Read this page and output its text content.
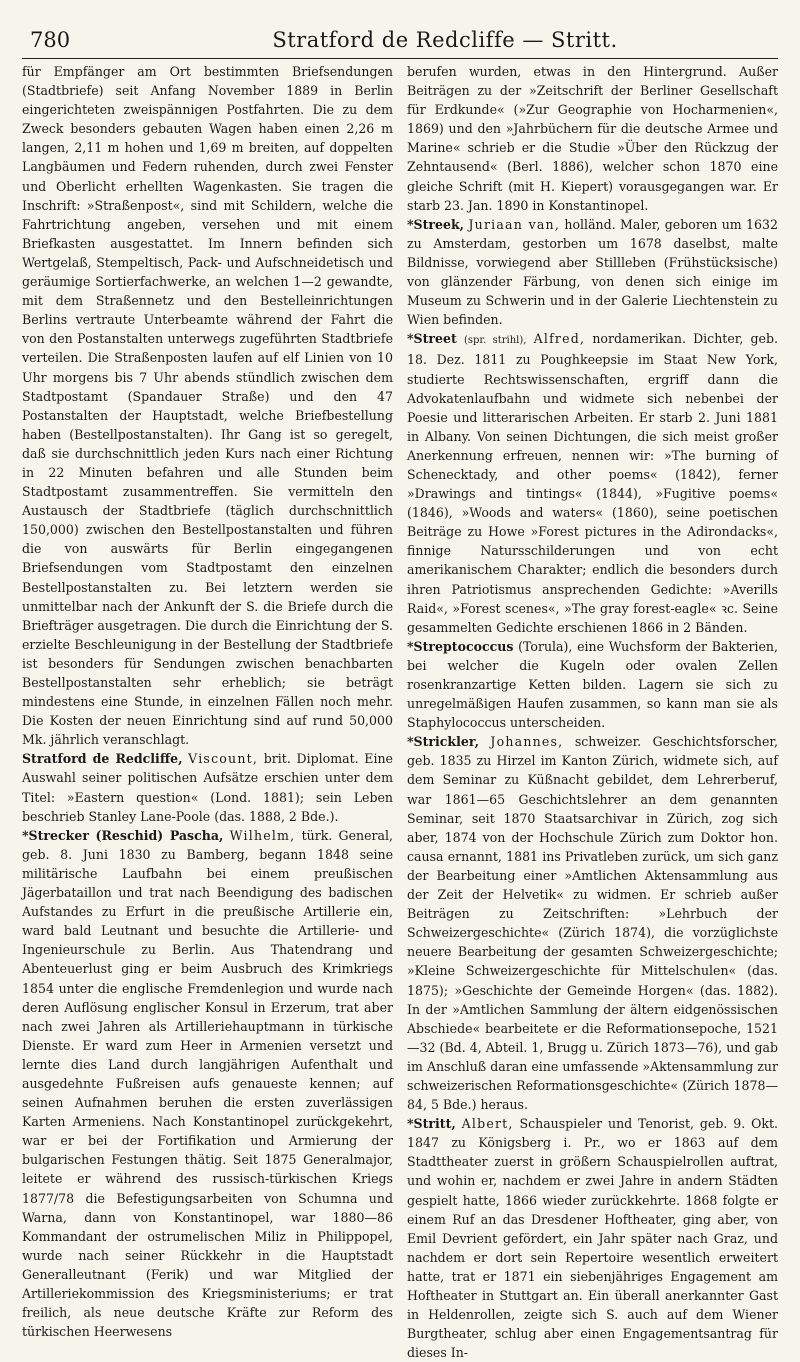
780	Stratford de Redcliffe — Stritt.

für Empfänger am Ort bestimmten Briefsendungen (Stadtbriefe) seit Anfang November 1889 in Berlin eingerichteten zweispännigen Postfahrten. Die zu dem Zweck besonders gebauten Wagen haben einen 2,26 m langen, 2,11 m hohen und 1,69 m breiten, auf doppelten Langbäumen und Federn ruhenden, durch zwei Fenster und Oberlicht erhellten Wagenkasten. Sie tragen die Inschrift: »Straßenpost«, sind mit Schildern, welche die Fahrtrichtung angeben, versehen und mit einem Briefkasten ausgestattet. Im Innern befinden sich Wertgelaß, Stempeltisch, Pack- und Aufschneidetisch und geräumige Sortierfachwerke, an welchen 1—2 gewandte, mit dem Straßennetz und den Bestelleinrichtungen Berlins vertraute Unterbeamte während der Fahrt die von den Postanstalten unterwegs zugeführten Stadtbriefe verteilen. Die Straßenposten laufen auf elf Linien von 10 Uhr morgens bis 7 Uhr abends stündlich zwischen dem Stadtpostamt (Spandauer Straße) und den 47 Postanstalten der Hauptstadt, welche Briefbestellung haben (Bestellpostanstalten). Ihr Gang ist so geregelt, daß sie durchschnittlich jeden Kurs nach einer Richtung in 22 Minuten befahren und alle Stunden beim Stadtpostamt zusammentreffen. Sie vermitteln den Austausch der Stadtbriefe (täglich durchschnittlich 150,000) zwischen den Bestellpostanstalten und führen die von auswärts für Berlin eingegangenen Briefsendungen vom Stadtpostamt den einzelnen Bestellpostanstalten zu. Bei letztern werden sie unmittelbar nach der Ankunft der S. die Briefe durch die Briefträger ausgetragen. Die durch die Einrichtung der S. erzielte Beschleunigung in der Bestellung der Stadtbriefe ist besonders für Sendungen zwischen benachbarten Bestellpostanstalten sehr erheblich; sie beträgt mindestens eine Stunde, in einzelnen Fällen noch mehr. Die Kosten der neuen Einrichtung sind auf rund 50,000 Mk. jährlich veranschlagt.

Stratford de Redcliffe, Viscount, brit. Diplomat. Eine Auswahl seiner politischen Aufsätze erschien unter dem Titel: »Eastern question« (Lond. 1881); sein Leben beschrieb Stanley Lane-Poole (das. 1888, 2 Bde.).

*Strecker (Reschid) Pascha, Wilhelm, türk. General, geb. 8. Juni 1830 zu Bamberg, begann 1848 seine militärische Laufbahn bei einem preußischen Jägerbataillon und trat nach Beendigung des badischen Aufstandes zu Erfurt in die preußische Artillerie ein, ward bald Leutnant und besuchte die Artillerie- und Ingenieurschule zu Berlin. Aus Thatendrang und Abenteuerlust ging er beim Ausbruch des Krimkriegs 1854 unter die englische Fremdenlegion und wurde nach deren Auflösung englischer Konsul in Erzerum, trat aber nach zwei Jahren als Artilleriehauptmann in türkische Dienste. Er ward zum Heer in Armenien versetzt und lernte dies Land durch langjährigen Aufenthalt und ausgedehnte Fußreisen aufs genaueste kennen; auf seinen Aufnahmen beruhen die ersten zuverlässigen Karten Armeniens. Nach Konstantinopel zurückgekehrt, war er bei der Fortifikation und Armierung der bulgarischen Festungen thätig. Seit 1875 Generalmajor, leitete er während des russisch-türkischen Kriegs 1877/78 die Befestigungsarbeiten von Schumna und Warna, dann von Konstantinopel, war 1880—86 Kommandant der ostrumelischen Miliz in Philippopel, wurde nach seiner Rückkehr in die Hauptstadt Generalleutnant (Ferik) und war Mitglied der Artilleriekommission des Kriegsministeriums; er trat freilich, als neue deutsche Kräfte zur Reform des türkischen Heerwesens

berufen wurden, etwas in den Hintergrund. Außer Beiträgen zu der »Zeitschrift der Berliner Gesellschaft für Erdkunde« (»Zur Geographie von Hocharmenien«, 1869) und den »Jahrbüchern für die deutsche Armee und Marine« schrieb er die Studie »Über den Rückzug der Zehntausend« (Berl. 1886), welcher schon 1870 eine gleiche Schrift (mit H. Kiepert) vorausgegangen war. Er starb 23. Jan. 1890 in Konstantinopel.

*Streek, Juriaan van, holländ. Maler, geboren um 1632 zu Amsterdam, gestorben um 1678 daselbst, malte Bildnisse, vorwiegend aber Stillleben (Frühstücksische) von glänzender Färbung, von denen sich einige im Museum zu Schwerin und in der Galerie Liechtenstein zu Wien befinden.

*Street (spr. strihl), Alfred, nordamerikan. Dichter, geb. 18. Dez. 1811 zu Poughkeepsie im Staat New York, studierte Rechtswissenschaften, ergriff dann die Advokatenlaufbahn und widmete sich nebenbei der Poesie und litterarischen Arbeiten. Er starb 2. Juni 1881 in Albany. Von seinen Dichtungen, die sich meist großer Anerkennung erfreuen, nennen wir: »The burning of Schenecktady, and other poems« (1842), ferner »Drawings and tintings« (1844), »Fugitive poems« (1846), »Woods and waters« (1860), seine poetischen Beiträge zu Howe »Forest pictures in the Adirondacks«, finnige Natursschilderungen und von echt amerikanischem Charakter; endlich die besonders durch ihren Patriotismus ansprechenden Gedichte: »Averills Raid«, »Forest scenes«, »The gray forest-eagle« ꝛc. Seine gesammelten Gedichte erschienen 1866 in 2 Bänden.

*Streptococcus (Torula), eine Wuchsform der Bakterien, bei welcher die Kugeln oder ovalen Zellen rosenkranzartige Ketten bilden. Lagern sie sich zu unregelmäßigen Haufen zusammen, so kann man sie als Staphylococcus unterscheiden.

*Strickler, Johannes, schweizer. Geschichtsforscher, geb. 1835 zu Hirzel im Kanton Zürich, widmete sich, auf dem Seminar zu Küßnacht gebildet, dem Lehrerberuf, war 1861—65 Geschichtslehrer an dem genannten Seminar, seit 1870 Staatsarchivar in Zürich, zog sich aber, 1874 von der Hochschule Zürich zum Doktor hon. causa ernannt, 1881 ins Privatleben zurück, um sich ganz der Bearbeitung einer »Amtlichen Aktensammlung aus der Zeit der Helvetik« zu widmen. Er schrieb außer Beiträgen zu Zeitschriften: »Lehrbuch der Schweizergeschichte« (Zürich 1874), die vorzüglichste neuere Bearbeitung der gesamten Schweizergeschichte; »Kleine Schweizergeschichte für Mittelschulen« (das. 1875); »Geschichte der Gemeinde Horgen« (das. 1882). In der »Amtlichen Sammlung der ältern eidgenössischen Abschiede« bearbeitete er die Reformationsepoche, 1521—32 (Bd. 4, Abteil. 1, Brugg u. Zürich 1873—76), und gab im Anschluß daran eine umfassende »Aktensammlung zur schweizerischen Reformationsgeschichte« (Zürich 1878—84, 5 Bde.) heraus.

*Stritt, Albert, Schauspieler und Tenorist, geb. 9. Okt. 1847 zu Königsberg i. Pr., wo er 1863 auf dem Stadttheater zuerst in größern Schauspielrollen auftrat, und wohin er, nachdem er zwei Jahre in andern Städten gespielt hatte, 1866 wieder zurückkehrte. 1868 folgte er einem Ruf an das Dresdener Hoftheater, ging aber, von Emil Devrient gefördert, ein Jahr später nach Graz, und nachdem er dort sein Repertoire wesentlich erweitert hatte, trat er 1871 ein siebenjähriges Engagement am Hoftheater in Stuttgart an. Ein überall anerkannter Gast in Heldenrollen, zeigte sich S. auch auf dem Wiener Burgtheater, schlug aber einen Engagementsantrag für dieses In-
